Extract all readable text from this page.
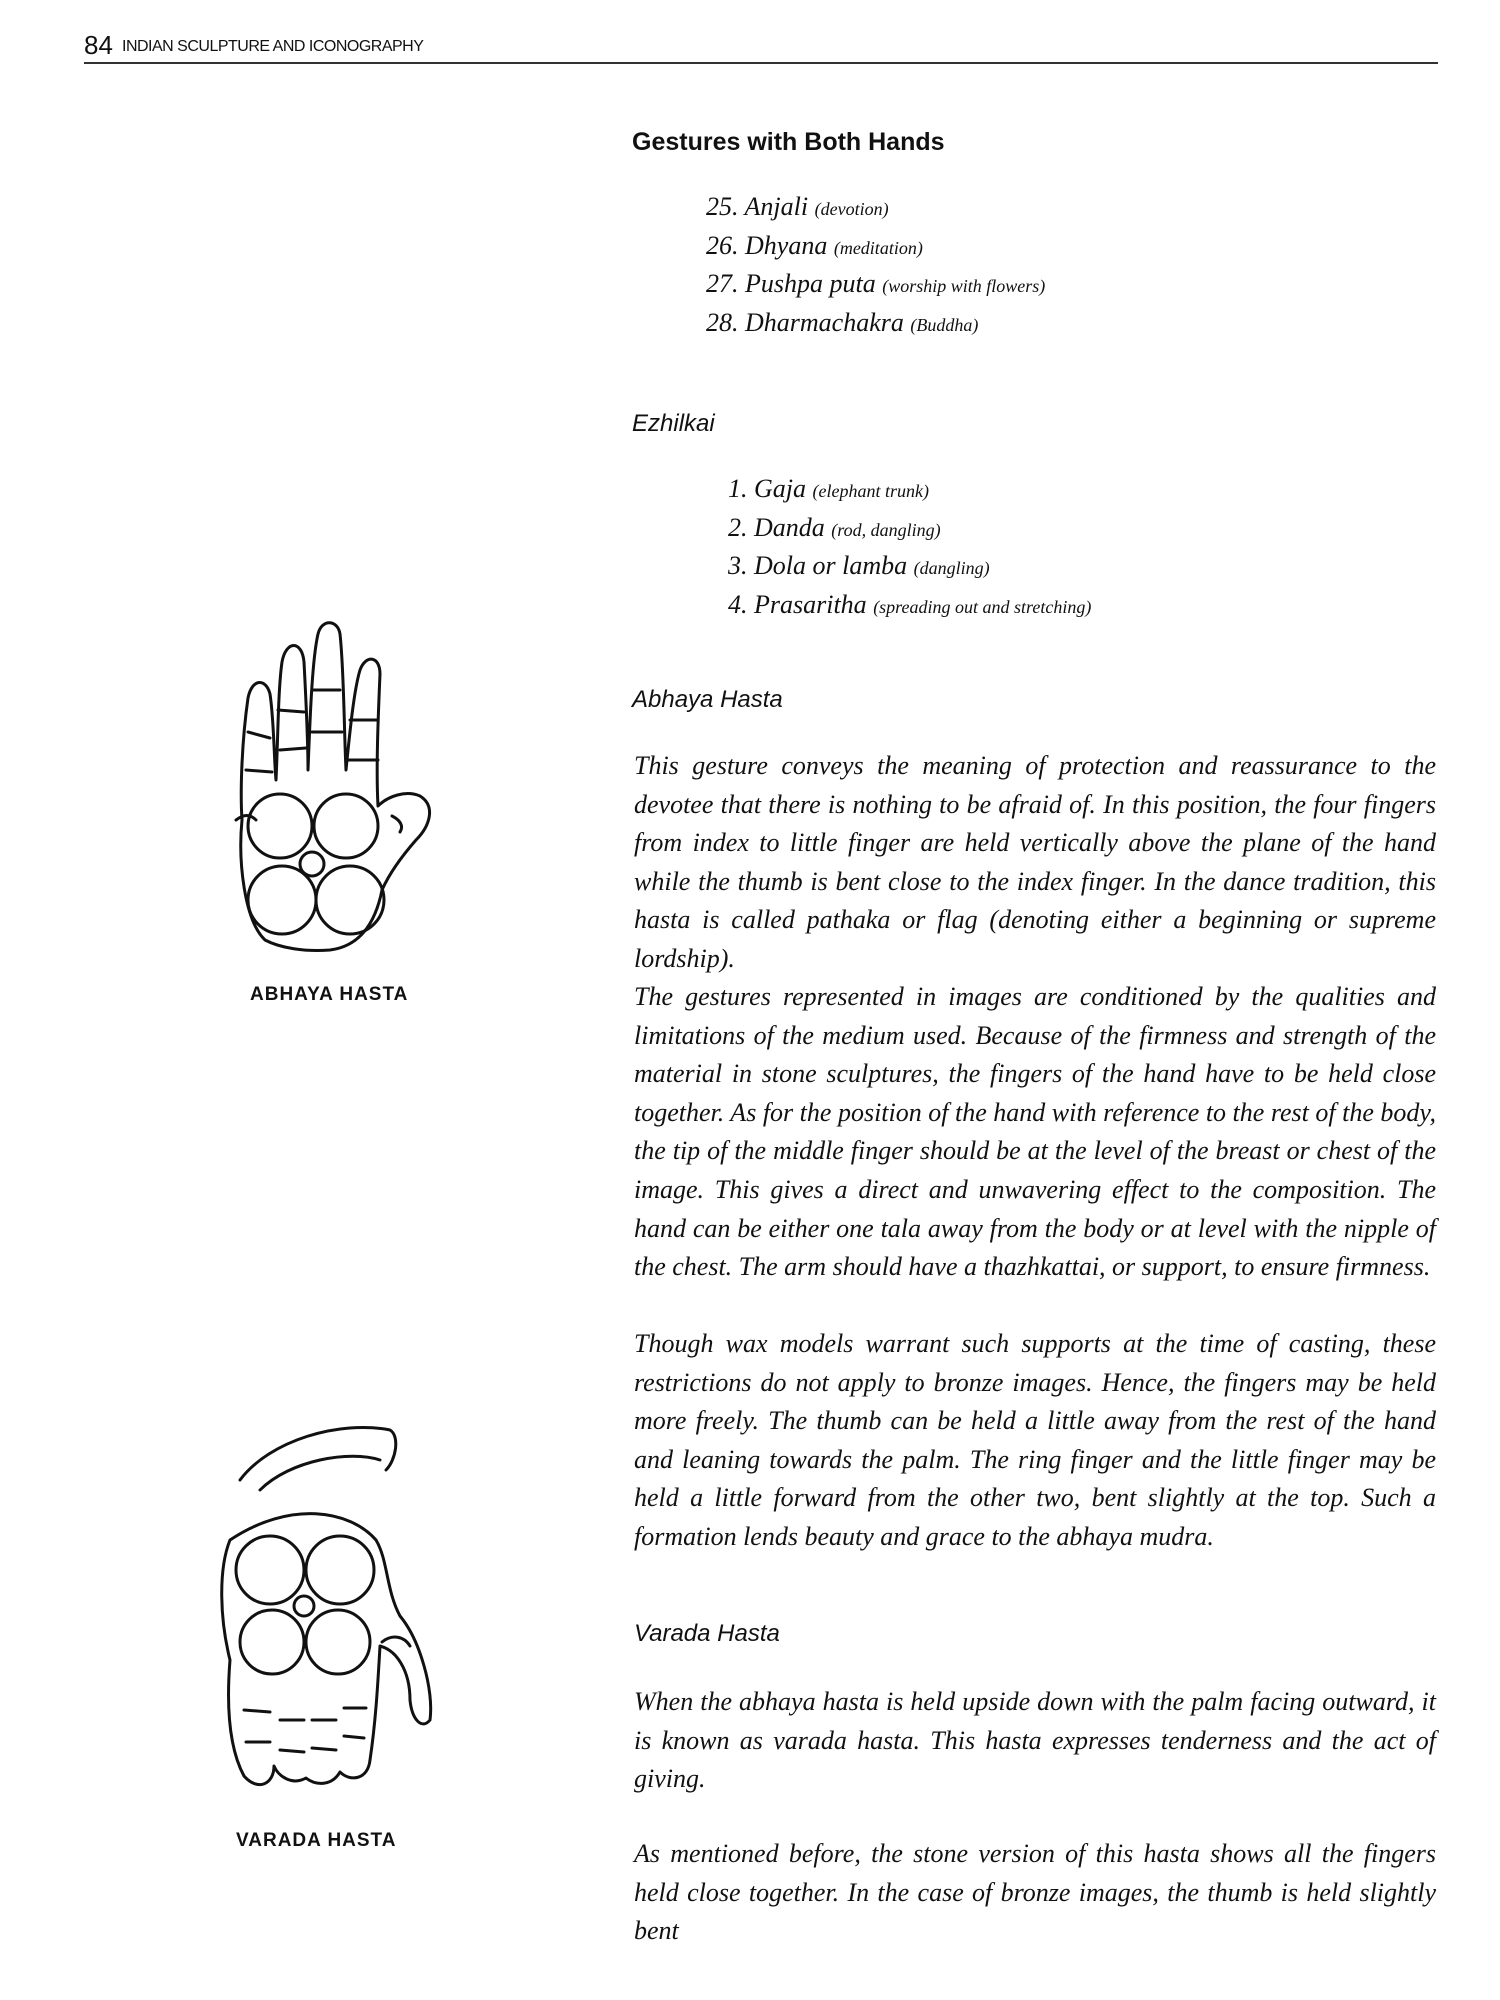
84 INDIAN SCULPTURE AND ICONOGRAPHY
Gestures with Both Hands
25. Anjali (devotion)
26. Dhyana (meditation)
27. Pushpa puta (worship with flowers)
28. Dharmachakra (Buddha)
Ezhilkai
1. Gaja (elephant trunk)
2. Danda (rod, dangling)
3. Dola or lamba (dangling)
4. Prasaritha (spreading out and stretching)
Abhaya Hasta

This gesture conveys the meaning of protection and reassurance to the devotee that there is nothing to be afraid of. In this position, the four fingers from index to little finger are held vertically above the plane of the hand while the thumb is bent close to the index finger. In the dance tradition, this hasta is called pathaka or flag (denoting either a beginning or supreme lordship).

The gestures represented in images are conditioned by the qualities and limitations of the medium used. Because of the firmness and strength of the material in stone sculptures, the fingers of the hand have to be held close together. As for the position of the hand with reference to the rest of the body, the tip of the middle finger should be at the level of the breast or chest of the image. This gives a direct and unwavering effect to the composition. The hand can be either one tala away from the body or at level with the nipple of the chest. The arm should have a thazhkattai, or support, to ensure firmness.

Though wax models warrant such supports at the time of casting, these restrictions do not apply to bronze images. Hence, the fingers may be held more freely. The thumb can be held a little away from the rest of the hand and leaning towards the palm. The ring finger and the little finger may be held a little forward from the other two, bent slightly at the top. Such a formation lends beauty and grace to the abhaya mudra.

Varada Hasta

When the abhaya hasta is held upside down with the palm facing outward, it is known as varada hasta. This hasta expresses tenderness and the act of giving.

As mentioned before, the stone version of this hasta shows all the fingers held close together. In the case of bronze images, the thumb is held slightly bent

ABHAYA HASTA
VARADA HASTA
